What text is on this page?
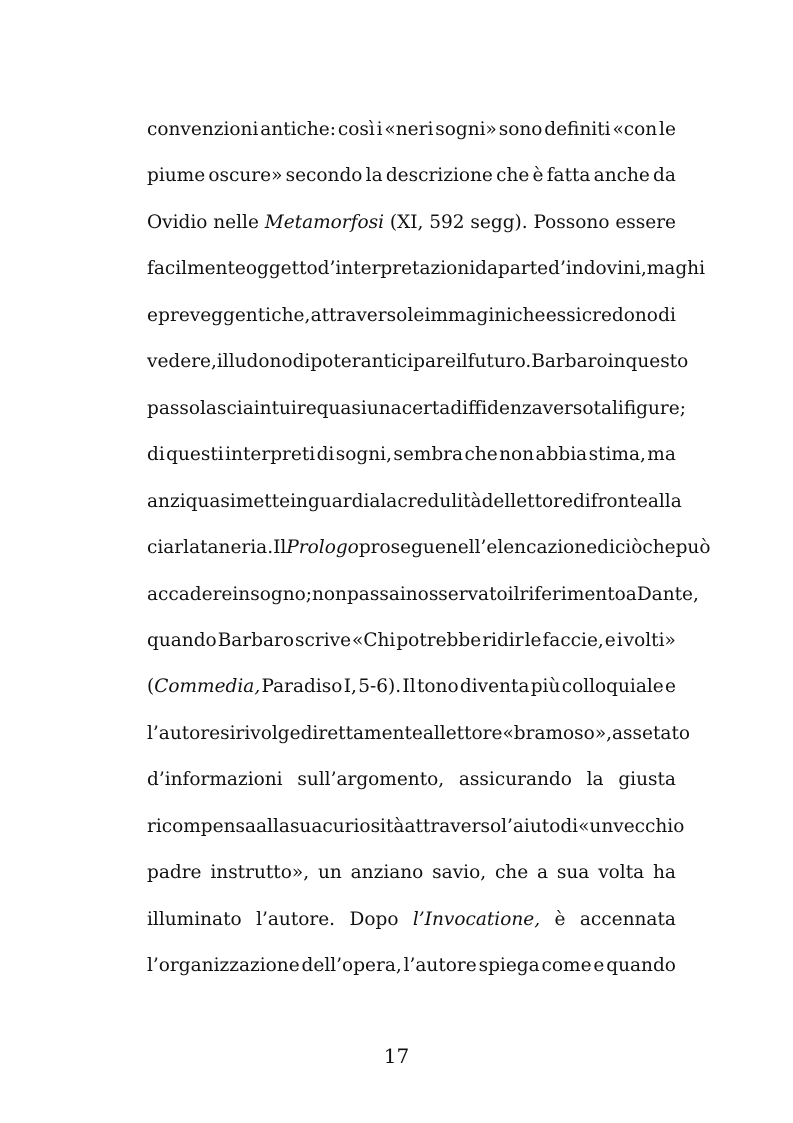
convenzioni antiche: così i «neri sogni» sono definiti «con le
piume oscure» secondo la descrizione che è fatta anche da
Ovidio nelle Metamorfosi (XI, 592 segg). Possono essere
facilmente oggetto d’interpretazioni da parte d’indovini, maghi
e preveggenti che, attraverso le immagini che essi credono di
vedere, illudono di poter anticipare il futuro. Barbaro in questo
passo lascia intuire quasi una certa diffidenza verso tali figure;
di questi interpreti di sogni, sembra che non abbia stima, ma
anzi quasi mette in guardia la credulità del lettore di fronte alla
ciarlataneria. Il Prologo prosegue nell’elencazione di ciò che può
accadere in sogno; non passa inosservato il riferimento a Dante,
quando Barbaro scrive «Chi potrebbe ridir le faccie, e i volti»
(Commedia, Paradiso I, 5-6). Il tono diventa più colloquiale e
l’autore si rivolge direttamente al lettore «bramoso», assetato
d’informazioni sull’argomento, assicurando la giusta
ricompensa alla sua curiosità attraverso l’aiuto di «un vecchio
padre instrutto», un anziano savio, che a sua volta ha
illuminato l’autore. Dopo l’Invocatione, è accennata
l’organizzazione dell’opera, l’autore spiega come e quando
17
